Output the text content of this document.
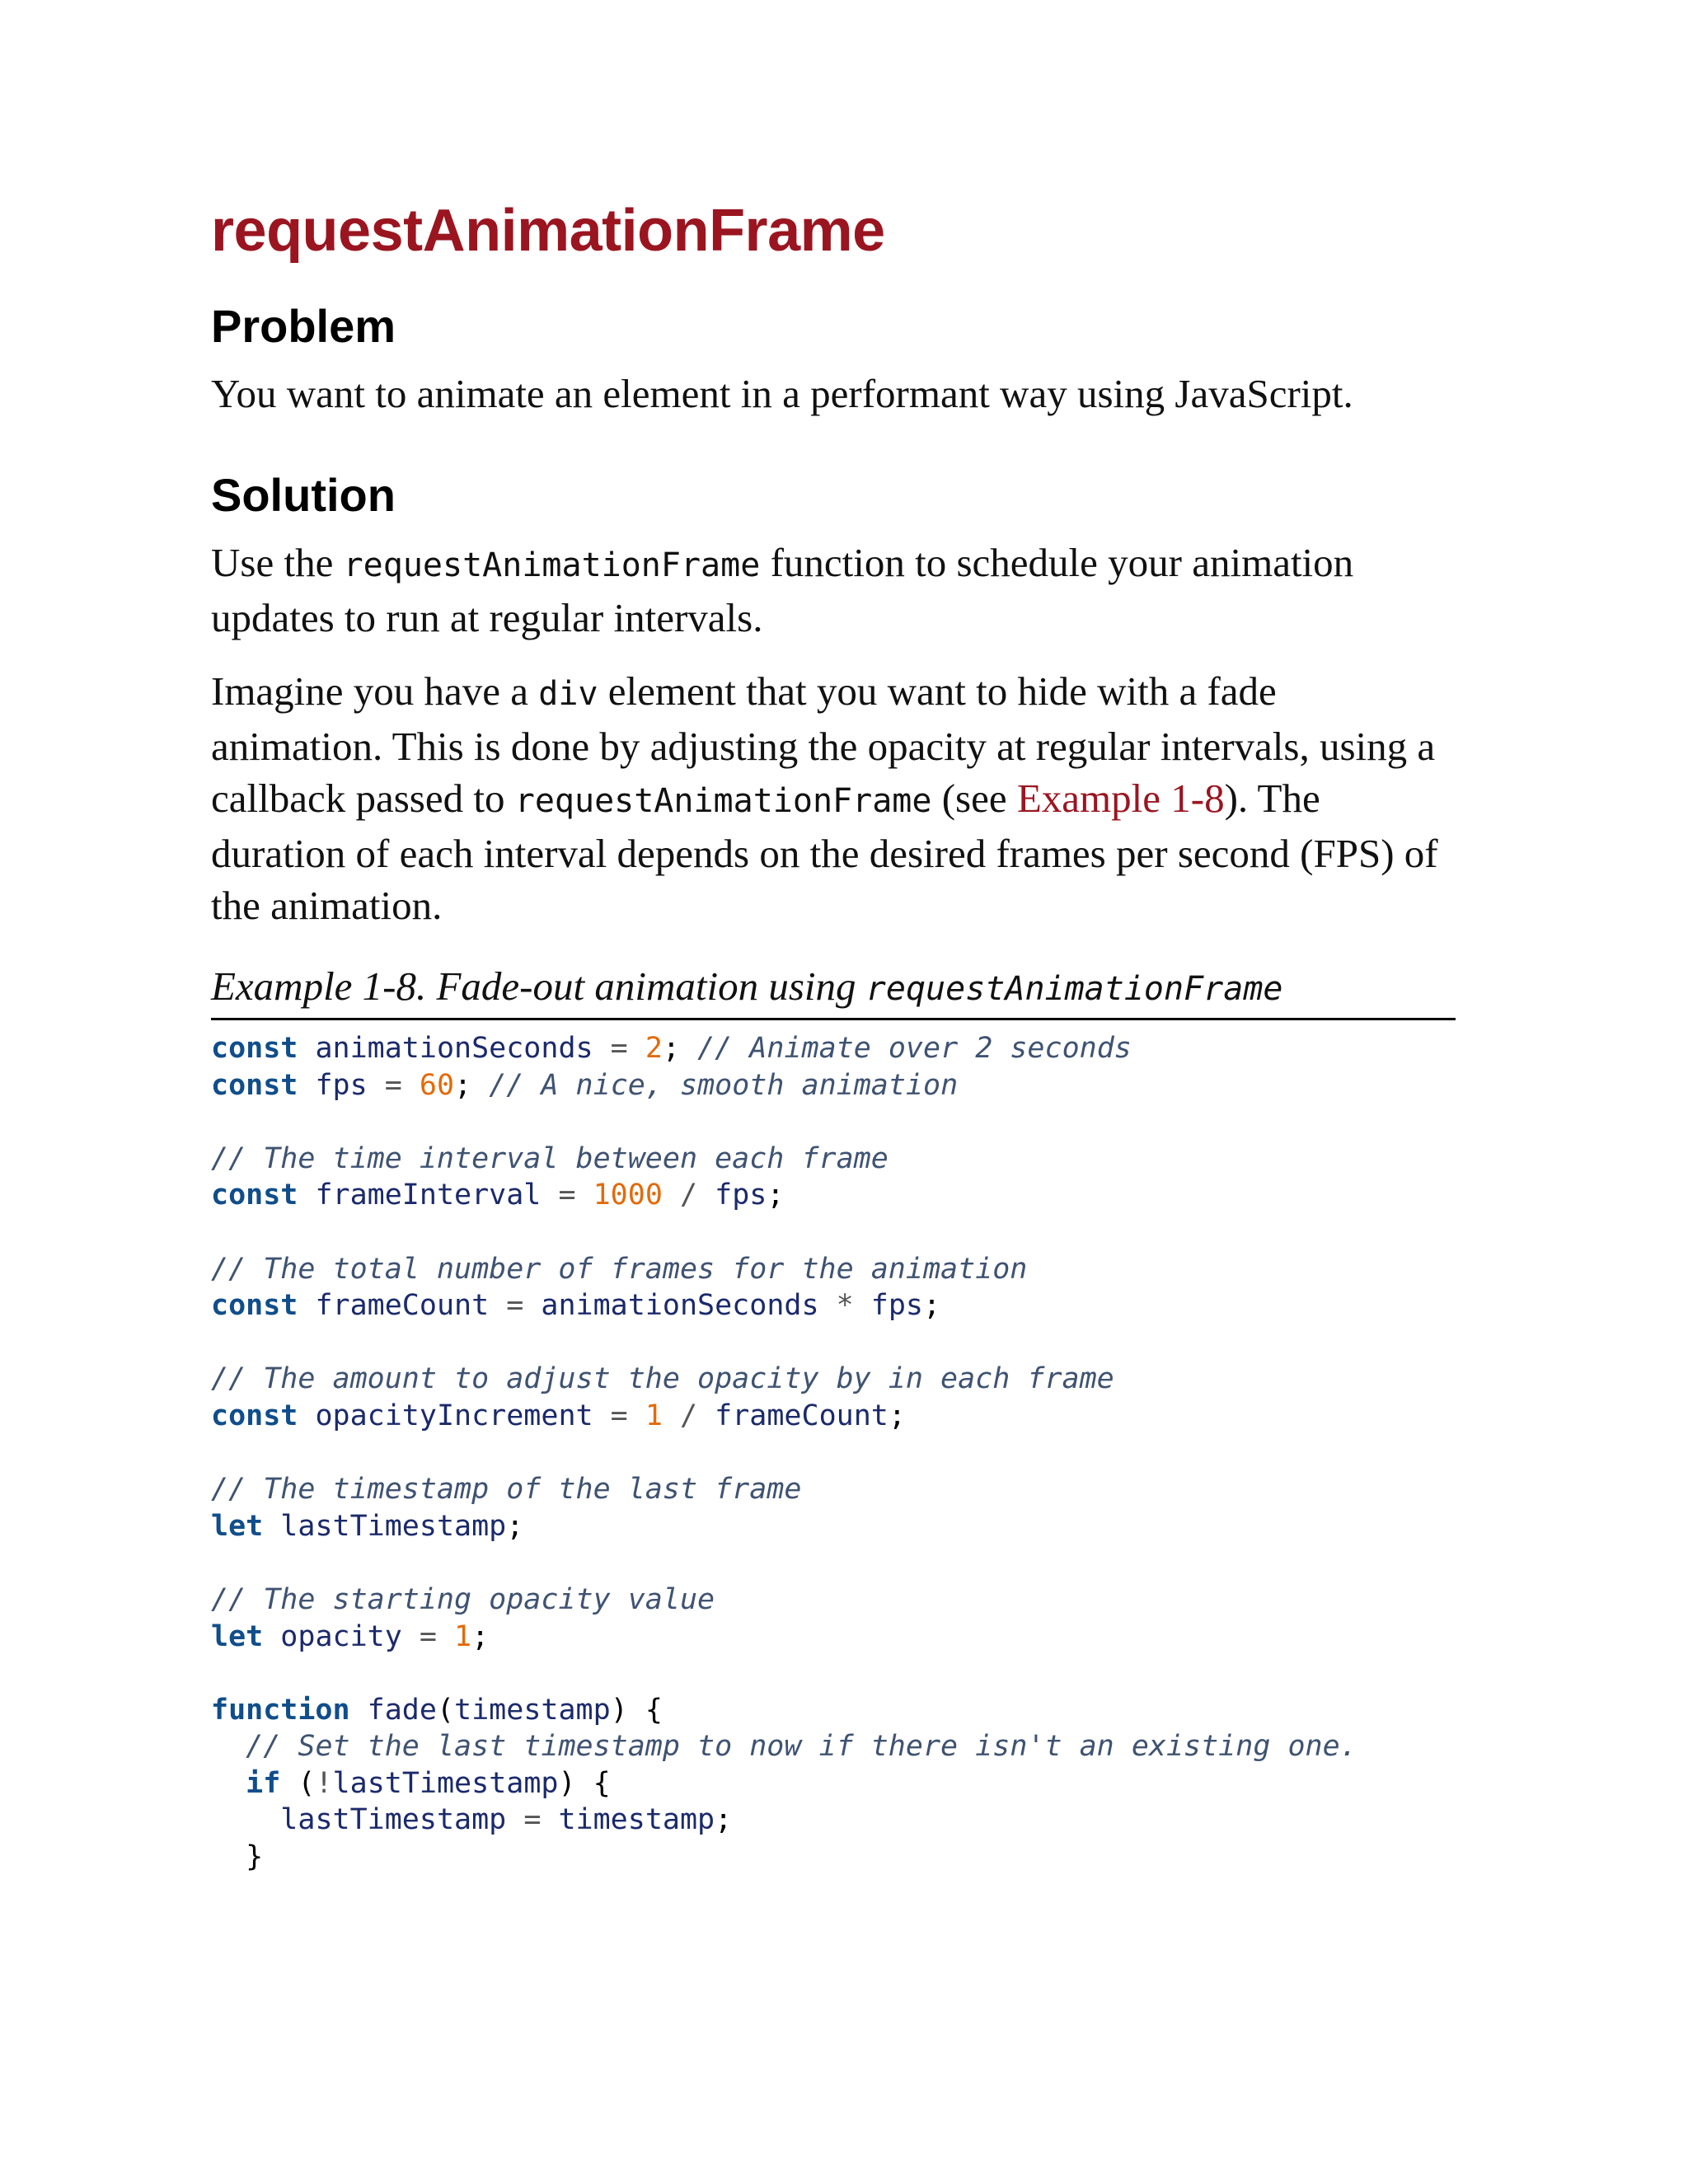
requestAnimationFrame
Problem

You want to animate an element in a performant way using JavaScript.

Solution

Use the requestAnimationFrame function to schedule your animation updates to run at regular intervals.

Imagine you have a div element that you want to hide with a fade animation. This is done by adjusting the opacity at regular intervals, using a callback passed to requestAnimationFrame (see Example 1-8). The duration of each interval depends on the desired frames per second (FPS) of the animation.

Example 1-8. Fade-out animation using requestAnimationFrame
const animationSeconds = 2; // Animate over 2 seconds
const fps = 60; // A nice, smooth animation

// The time interval between each frame
const frameInterval = 1000 / fps;

// The total number of frames for the animation
const frameCount = animationSeconds * fps;

// The amount to adjust the opacity by in each frame
const opacityIncrement = 1 / frameCount;

// The timestamp of the last frame
let lastTimestamp;

// The starting opacity value
let opacity = 1;

function fade(timestamp) {
// Set the last timestamp to now if there isn't an existing one.
if (!lastTimestamp) {
lastTimestamp = timestamp;
}
